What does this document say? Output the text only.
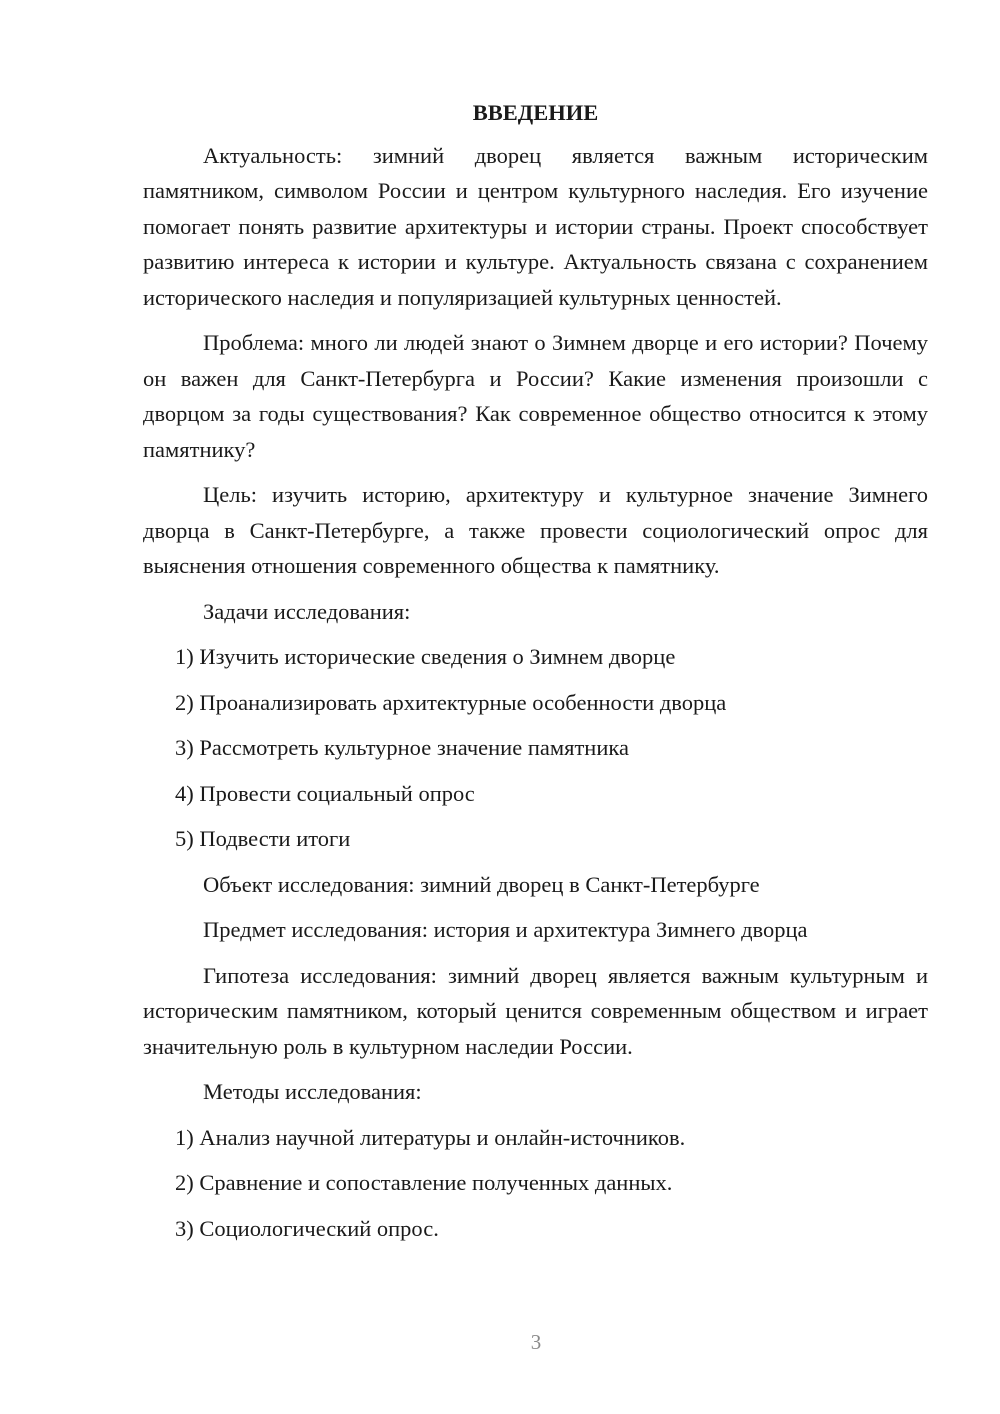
ВВЕДЕНИЕ

Актуальность: зимний дворец является важным историческим памятником, символом России и центром культурного наследия. Его изучение помогает понять развитие архитектуры и истории страны. Проект способствует развитию интереса к истории и культуре. Актуальность связана с сохранением исторического наследия и популяризацией культурных ценностей.

Проблема: много ли людей знают о Зимнем дворце и его истории? Почему он важен для Санкт-Петербурга и России? Какие изменения произошли с дворцом за годы существования? Как современное общество относится к этому памятнику?

Цель: изучить историю, архитектуру и культурное значение Зимнего дворца в Санкт-Петербурге, а также провести социологический опрос для выяснения отношения современного общества к памятнику.

Задачи исследования:

1) Изучить исторические сведения о Зимнем дворце
2) Проанализировать архитектурные особенности дворца
3) Рассмотреть культурное значение памятника
4) Провести социальный опрос
5) Подвести итоги

Объект исследования: зимний дворец в Санкт-Петербурге

Предмет исследования: история и архитектура Зимнего дворца

Гипотеза исследования: зимний дворец является важным культурным и историческим памятником, который ценится современным обществом и играет значительную роль в культурном наследии России.

Методы исследования:

1) Анализ научной литературы и онлайн-источников.
2) Сравнение и сопоставление полученных данных.
3) Социологический опрос.
3
